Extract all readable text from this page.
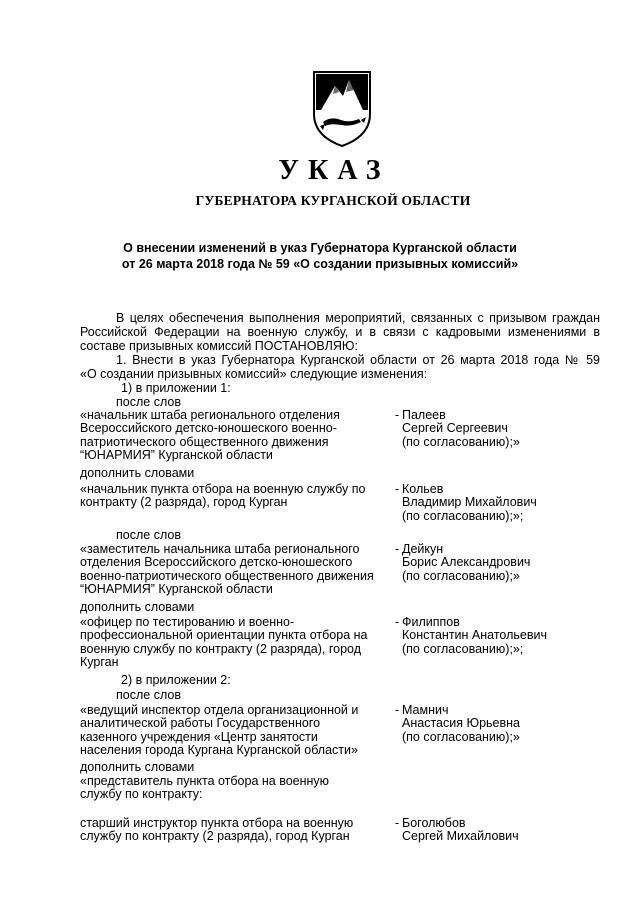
УКАЗ
ГУБЕРНАТОРА КУРГАНСКОЙ ОБЛАСТИ
О внесении изменений в указ Губернатора Курганской области
от 26 марта 2018 года № 59 «О создании призывных комиссий»
В целях обеспечения выполнения мероприятий, связанных с призывом граждан
Российской Федерации на военную службу, и в связи с кадровыми изменениями в
составе призывных комиссий ПОСТАНОВЛЯЮ:
1. Внести в указ Губернатора Курганской области от 26 марта 2018 года № 59
«О создании призывных комиссий» следующие изменения:
1) в приложении 1:
после слов
«начальник штаба регионального отделения
Всероссийского детско-юношеского военно-
патриотического общественного движения
“ЮНАРМИЯ” Курганской области
- Палеев
Сергей Сергеевич
(по согласованию);»
дополнить словами
«начальник пункта отбора на военную службу по
контракту (2 разряда), город Курган
- Кольев
Владимир Михайлович
(по согласованию);»;
после слов
«заместитель начальника штаба регионального
отделения Всероссийского детско-юношеского
военно-патриотического общественного движения
“ЮНАРМИЯ” Курганской области
- Дейкун
Борис Александрович
(по согласованию);»
дополнить словами
«офицер по тестированию и военно-
профессиональной ориентации пункта отбора на
военную службу по контракту (2 разряда), город
Курган
- Филиппов
Константин Анатольевич
(по согласованию);»;
2) в приложении 2:
после слов
«ведущий инспектор отдела организационной и
аналитической работы Государственного
казенного учреждения «Центр занятости
населения города Кургана Курганской области»
- Мамнич
Анастасия Юрьевна
(по согласованию);»
дополнить словами
«представитель пункта отбора на военную
службу по контракту:
старший инструктор пункта отбора на военную
службу по контракту (2 разряда), город Курган
- Боголюбов
Сергей Михайлович
